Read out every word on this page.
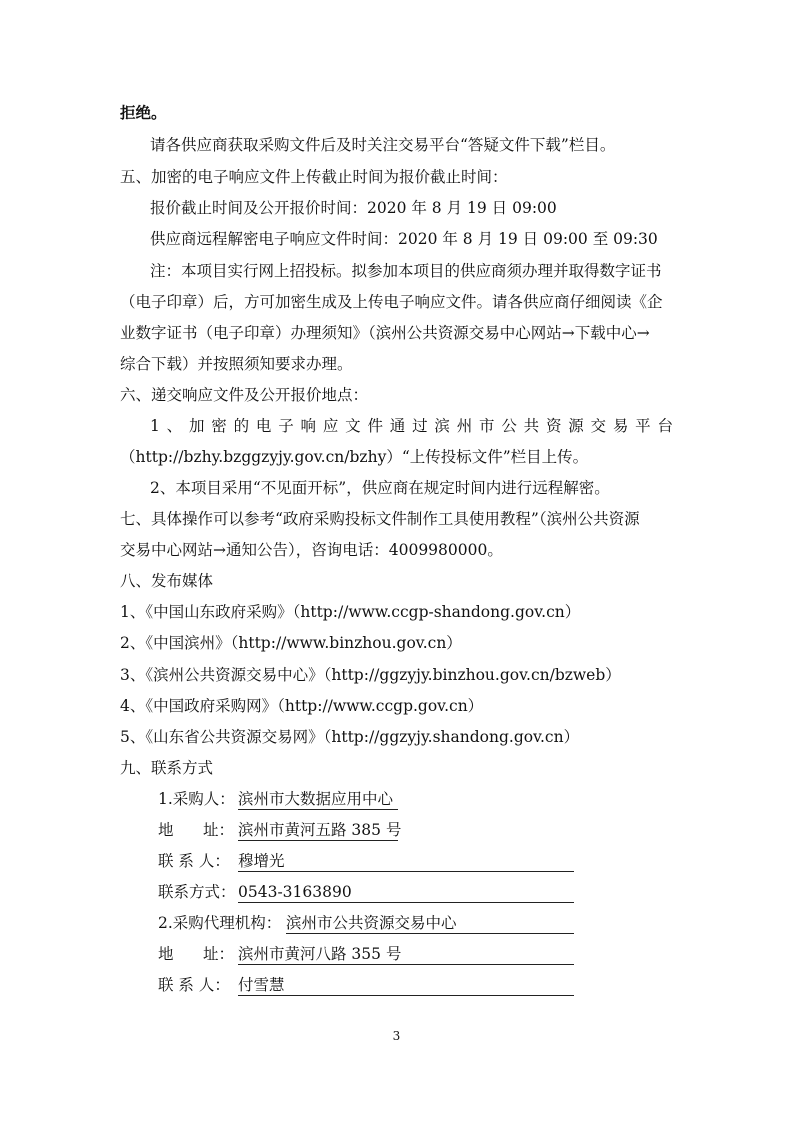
拒绝。
请各供应商获取采购文件后及时关注交易平台“答疑文件下载”栏目。
五、加密的电子响应文件上传截止时间为报价截止时间：
报价截止时间及公开报价时间：2020 年 8 月 19 日 09:00
供应商远程解密电子响应文件时间：2020 年 8 月 19 日 09:00 至 09:30
注：本项目实行网上招投标。拟参加本项目的供应商须办理并取得数字证书
（电子印章）后，方可加密生成及上传电子响应文件。请各供应商仔细阅读《企
业数字证书（电子印章）办理须知》（滨州公共资源交易中心网站→下载中心→
综合下载）并按照须知要求办理。
六、递交响应文件及公开报价地点：
1、加密的电子响应文件通过滨州市公共资源交易平台
（http://bzhy.bzggzyjy.gov.cn/bzhy）“上传投标文件”栏目上传。
2、本项目采用“不见面开标”，供应商在规定时间内进行远程解密。
七、具体操作可以参考“政府采购投标文件制作工具使用教程”（滨州公共资源
交易中心网站→通知公告），咨询电话：4009980000。
八、发布媒体
1、《中国山东政府采购》（http://www.ccgp-shandong.gov.cn）
2、《中国滨州》（http://www.binzhou.gov.cn）
3、《滨州公共资源交易中心》（http://ggzyjy.binzhou.gov.cn/bzweb）
4、《中国政府采购网》（http://www.ccgp.gov.cn）
5、《山东省公共资源交易网》（http://ggzyjy.shandong.gov.cn）
九、联系方式
1.采购人： 滨州市大数据应用中心
地      址： 滨州市黄河五路 385 号
联 系 人： 穆增光
联系方式： 0543-3163890
2.采购代理机构： 滨州市公共资源交易中心
地      址： 滨州市黄河八路 355 号
联 系 人： 付雪慧
3
